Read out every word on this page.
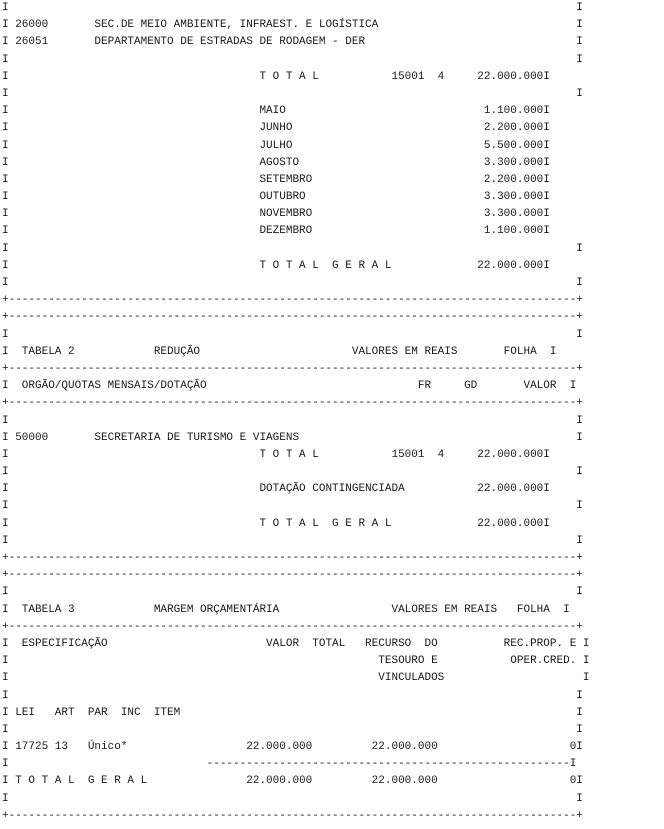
I                                                                                      I
I 26000       SEC.DE MEIO AMBIENTE, INFRAEST. E LOGÍSTICA                              I
I 26051       DEPARTAMENTO DE ESTRADAS DE RODAGEM - DER                                I
I                                                                                      I
I                                      T O T A L           15001  4     22.000.000I
I                                                                                      I
I                                      MAIO                              1.100.000I
I                                      JUNHO                             2.200.000I
I                                      JULHO                             5.500.000I
I                                      AGOSTO                            3.300.000I
I                                      SETEMBRO                          2.200.000I
I                                      OUTUBRO                           3.300.000I
I                                      NOVEMBRO                          3.300.000I
I                                      DEZEMBRO                          1.100.000I
I                                                                                      I
I                                      T O T A L  G E R A L             22.000.000I
I                                                                                      I
+--------------------------------------------------------------------------------------+
+--------------------------------------------------------------------------------------+
I                                                                                      I
I  TABELA 2            REDUÇÃO                       VALORES EM REAIS       FOLHA  I
+--------------------------------------------------------------------------------------+
I  ORGÃO/QUOTAS MENSAIS/DOTAÇÃO                                FR     GD       VALOR  I
+--------------------------------------------------------------------------------------+
I                                                                                      I
I 50000       SECRETARIA DE TURISMO E VIAGENS                                          I
I                                      T O T A L           15001  4     22.000.000I
I                                                                                      I
I                                      DOTAÇÃO CONTINGENCIADA           22.000.000I
I                                                                                      I
I                                      T O T A L  G E R A L             22.000.000I
I                                                                                      I
+--------------------------------------------------------------------------------------+
+--------------------------------------------------------------------------------------+
I                                                                                      I
I  TABELA 3            MARGEM ORÇAMENTÁRIA                 VALORES EM REAIS   FOLHA  I
+--------------------------------------------------------------------------------------+
I  ESPECIFICAÇÃO                        VALOR  TOTAL   RECURSO  DO          REC.PROP. E I
I                                                        TESOURO E           OPER.CRED. I
I                                                        VINCULADOS                     I
I                                                                                      I
I LEI   ART  PAR  INC  ITEM                                                            I
I                                                                                      I
I 17725 13   Único*                  22.000.000         22.000.000                    0I
I                              -------------------------------------------------------I
I T O T A L  G E R A L               22.000.000         22.000.000                    0I
I                                                                                      I
+--------------------------------------------------------------------------------------+
